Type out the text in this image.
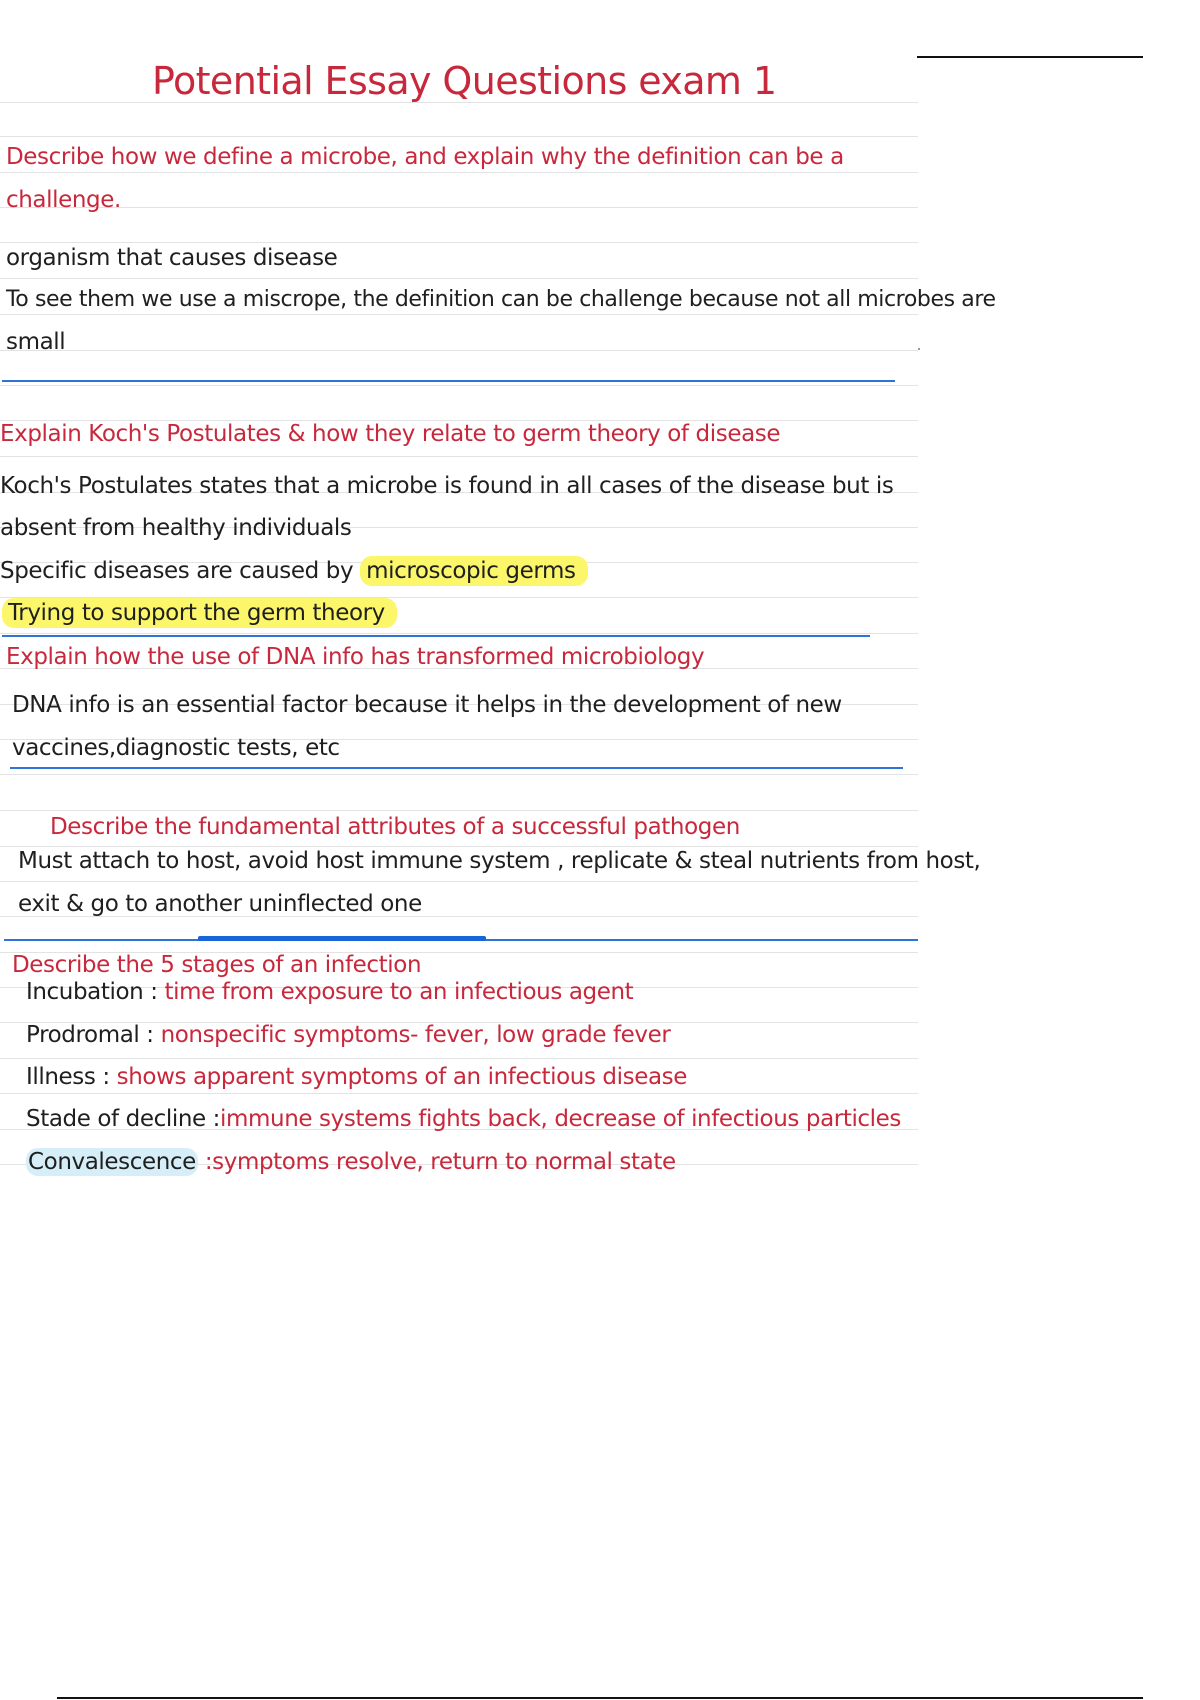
Potential Essay Questions exam 1
Describe how we define a microbe, and explain why the definition can be a
challenge.
organism that causes disease
To see them we use a miscrope, the definition can be challenge because not all microbes are
small
Explain Koch's Postulates & how they relate to germ theory of disease
Koch's Postulates states that a microbe is found in all cases of the disease but is
absent from healthy individuals
Specific diseases are caused by microscopic germs
Trying to support the germ theory
Explain how the use of DNA info has transformed microbiology
DNA info is an essential factor because it helps in the development of new
vaccines,diagnostic tests, etc
Describe the fundamental attributes of a successful pathogen
Must attach to host, avoid host immune system , replicate & steal nutrients from host,
exit & go to another uninflected one
Describe the 5 stages of an infection
Incubation : time from exposure to an infectious agent
Prodromal : nonspecific symptoms- fever, low grade fever
Illness : shows apparent symptoms of an infectious disease
Stade of decline :immune systems fights back, decrease of infectious particles
Convalescence :symptoms resolve, return to normal state
